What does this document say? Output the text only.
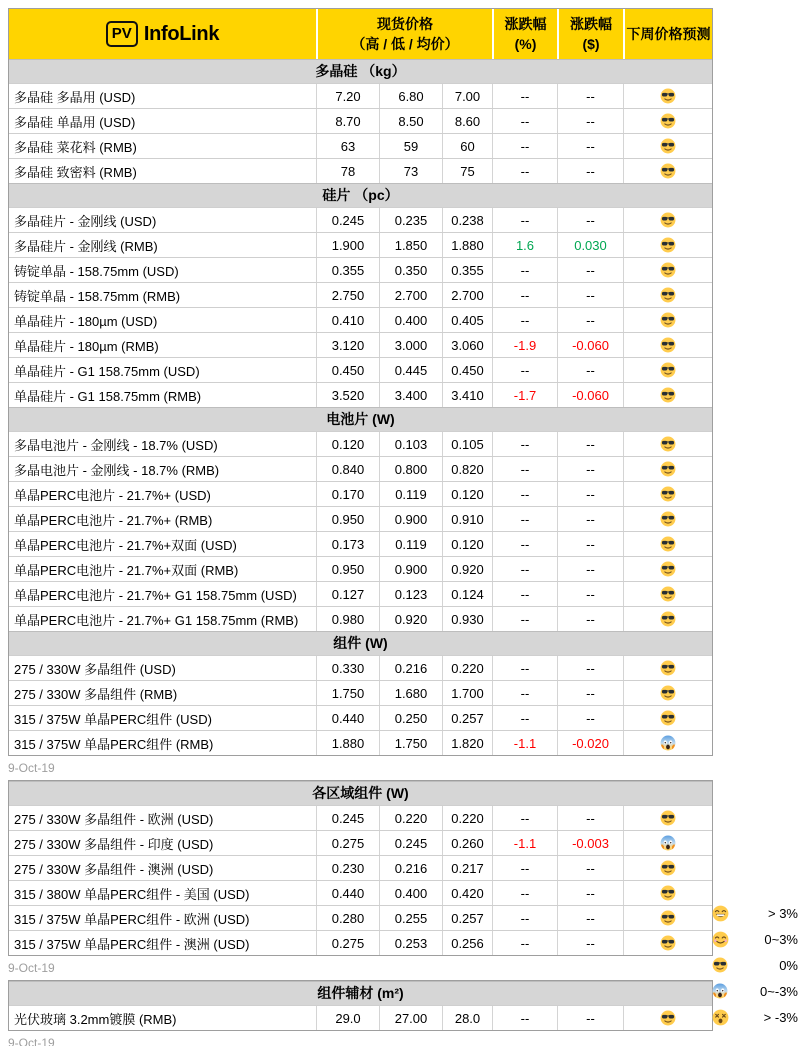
PV InfoLink	现货价格
（高 / 低 / 均价）
涨跌幅
(%)
涨跌幅
($)
下周价格预测
多晶硅 （kg）
多晶硅 多晶用 (USD)	7.20	6.80	7.00	--	--
多晶硅 单晶用 (USD)	8.70	8.50	8.60	--	--
多晶硅 菜花料 (RMB)	63	59	60	--	--
多晶硅 致密料 (RMB)	78	73	75	--	--
硅片 （pc）
多晶硅片 - 金刚线 (USD)	0.245	0.235	0.238	--	--
多晶硅片 - 金刚线 (RMB)	1.900	1.850	1.880	1.6	0.030
铸锭单晶 - 158.75mm (USD)	0.355	0.350	0.355	--	--
铸锭单晶 - 158.75mm (RMB)	2.750	2.700	2.700	--	--
单晶硅片 - 180µm (USD)	0.410	0.400	0.405	--	--
单晶硅片 - 180µm (RMB)	3.120	3.000	3.060	-1.9	-0.060
单晶硅片 - G1 158.75mm (USD)	0.450	0.445	0.450	--	--
单晶硅片 - G1 158.75mm (RMB)	3.520	3.400	3.410	-1.7	-0.060
电池片 (W)
多晶电池片 - 金刚线 - 18.7% (USD)	0.120	0.103	0.105	--	--
多晶电池片 - 金刚线 - 18.7% (RMB)	0.840	0.800	0.820	--	--
单晶PERC电池片 - 21.7%+ (USD)	0.170	0.119	0.120	--	--
单晶PERC电池片 - 21.7%+ (RMB)	0.950	0.900	0.910	--	--
单晶PERC电池片 - 21.7%+双面 (USD)	0.173	0.119	0.120	--	--
单晶PERC电池片 - 21.7%+双面 (RMB)	0.950	0.900	0.920	--	--
单晶PERC电池片 - 21.7%+ G1 158.75mm (USD)	0.127	0.123	0.124	--	--
单晶PERC电池片 - 21.7%+ G1 158.75mm (RMB)	0.980	0.920	0.930	--	--
组件 (W)
275 / 330W 多晶组件 (USD)	0.330	0.216	0.220	--	--
275 / 330W 多晶组件 (RMB)	1.750	1.680	1.700	--	--
315 / 375W 单晶PERC组件 (USD)	0.440	0.250	0.257	--	--
315 / 375W 单晶PERC组件 (RMB)	1.880	1.750	1.820	-1.1	-0.020
9-Oct-19
各区域组件 (W)
275 / 330W 多晶组件 - 欧洲 (USD)	0.245	0.220	0.220	--	--
275 / 330W 多晶组件 - 印度 (USD)	0.275	0.245	0.260	-1.1	-0.003
275 / 330W 多晶组件 - 澳洲 (USD)	0.230	0.216	0.217	--	--
315 / 380W 单晶PERC组件 - 美国 (USD)	0.440	0.400	0.420	--	--
315 / 375W 单晶PERC组件 - 欧洲 (USD)	0.280	0.255	0.257	--	--
315 / 375W 单晶PERC组件 - 澳洲 (USD)	0.275	0.253	0.256	--	--
9-Oct-19
组件辅材 (m²)
光伏玻璃 3.2mm镀膜 (RMB)	29.0	27.00	28.0	--	--
9-Oct-19
> 3%
0~3%
0%
0~-3%
> -3%
